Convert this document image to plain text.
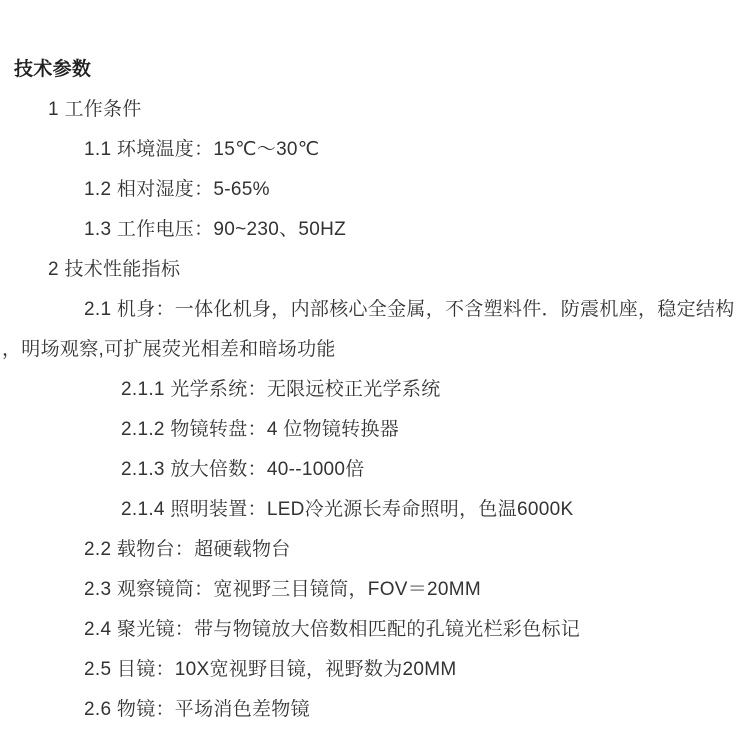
技术参数

1 工作条件

1.1 环境温度：15℃～30℃

1.2 相对湿度：5-65%

1.3 工作电压：90~230、50HZ

2 技术性能指标

2.1 机身：一体化机身，内部核心全金属，不含塑料件．防震机座，稳定结构

，明场观察,可扩展荧光相差和暗场功能

2.1.1 光学系统：无限远校正光学系统

2.1.2 物镜转盘：4 位物镜转换器

2.1.3 放大倍数：40--1000倍

2.1.4 照明装置：LED冷光源长寿命照明，色温6000K

2.2 载物台：超硬载物台

2.3 观察镜筒：宽视野三目镜筒，FOV＝20MM

2.4 聚光镜：带与物镜放大倍数相匹配的孔镜光栏彩色标记

2.5 目镜：10X宽视野目镜，视野数为20MM

2.6 物镜：平场消色差物镜
